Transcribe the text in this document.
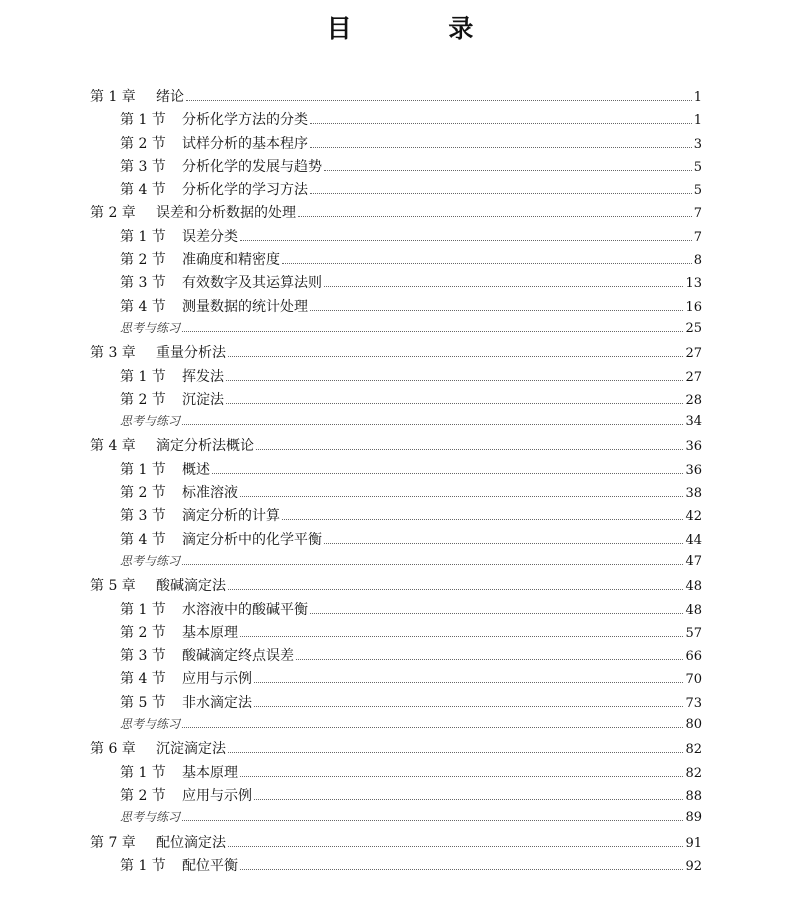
目 录
第 1 章 绪论	1
第 1 节 分析化学方法的分类	1
第 2 节 试样分析的基本程序	3
第 3 节 分析化学的发展与趋势	5
第 4 节 分析化学的学习方法	5
第 2 章 误差和分析数据的处理	7
第 1 节 误差分类	7
第 2 节 准确度和精密度	8
第 3 节 有效数字及其运算法则	13
第 4 节 测量数据的统计处理	16
思考与练习	25
第 3 章 重量分析法	27
第 1 节 挥发法	27
第 2 节 沉淀法	28
思考与练习	34
第 4 章 滴定分析法概论	36
第 1 节 概述	36
第 2 节 标准溶液	38
第 3 节 滴定分析的计算	42
第 4 节 滴定分析中的化学平衡	44
思考与练习	47
第 5 章 酸碱滴定法	48
第 1 节 水溶液中的酸碱平衡	48
第 2 节 基本原理	57
第 3 节 酸碱滴定终点误差	66
第 4 节 应用与示例	70
第 5 节 非水滴定法	73
思考与练习	80
第 6 章 沉淀滴定法	82
第 1 节 基本原理	82
第 2 节 应用与示例	88
思考与练习	89
第 7 章 配位滴定法	91
第 1 节 配位平衡	92
